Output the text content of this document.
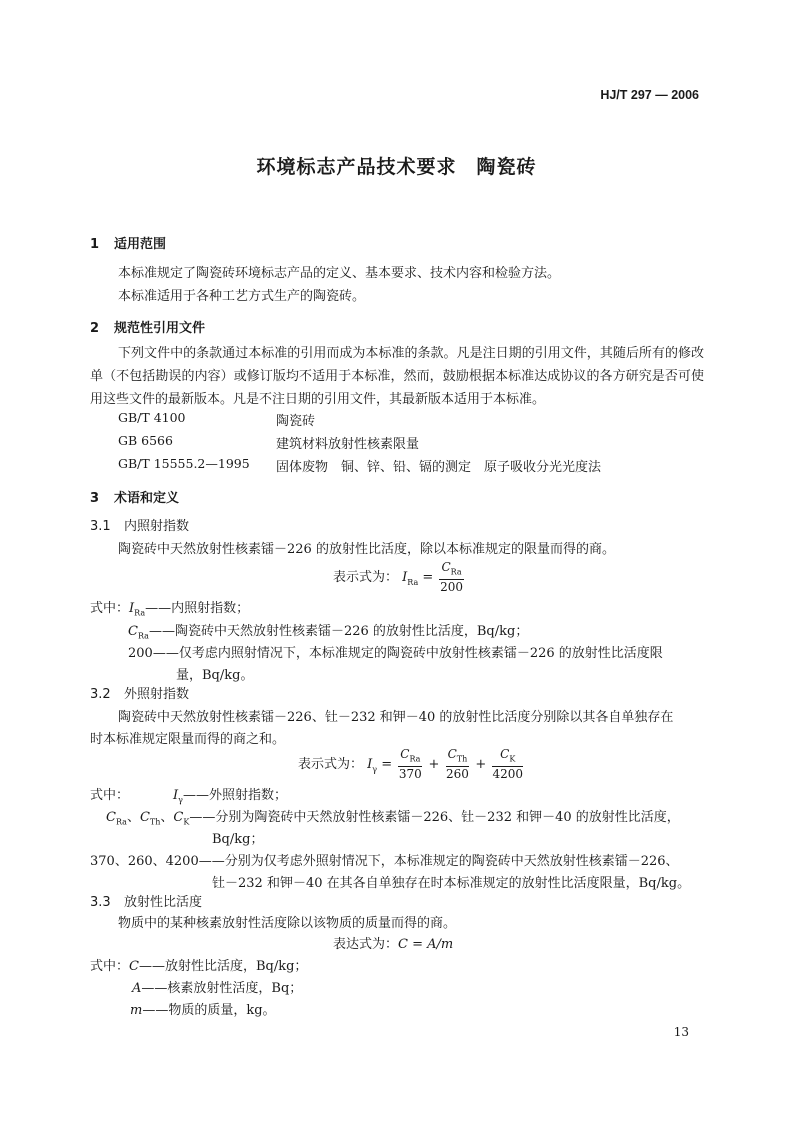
HJ/T 297 — 2006
环境标志产品技术要求　陶瓷砖
1 适用范围
本标准规定了陶瓷砖环境标志产品的定义、基本要求、技术内容和检验方法。
本标准适用于各种工艺方式生产的陶瓷砖。
2 规范性引用文件
下列文件中的条款通过本标准的引用而成为本标准的条款。凡是注日期的引用文件，其随后所有的修改单（不包括勘误的内容）或修订版均不适用于本标准，然而，鼓励根据本标准达成协议的各方研究是否可使用这些文件的最新版本。凡是不注日期的引用文件，其最新版本适用于本标准。
GB/T 4100	陶瓷砖
GB 6566	建筑材料放射性核素限量
GB/T 15555.2—1995 固体废物　铜、锌、铅、镉的测定　原子吸收分光光度法
3 术语和定义
3.1 内照射指数
陶瓷砖中天然放射性核素镭－226 的放射性比活度，除以本标准规定的限量而得的商。
表示式为： $I_{Ra} = \frac{C_{Ra}}{200}$
式中：$I_{Ra}——$内照射指数；
$C_{Ra}——$陶瓷砖中天然放射性核素镭－226 的放射性比活度，Bq/kg；
200——仅考虑内照射情况下，本标准规定的陶瓷砖中放射性核素镭－226 的放射性比活度限
量，Bq/kg。
3.2 外照射指数
陶瓷砖中天然放射性核素镭－226、钍－232 和钾－40 的放射性比活度分别除以其各自单独存在
时本标准规定限量而得的商之和。
表示式为： $I_\gamma = \frac{C_{Ra}}{370} + \frac{C_{Th}}{260} + \frac{C_K}{4200}$
式中：	$I_\gamma——$外照射指数；
$C_{Ra}$、$C_{Th}$、$C_K——$分别为陶瓷砖中天然放射性核素镭－226、钍－232 和钾－40 的放射性比活度，
Bq/kg；
370、260、4200——分别为仅考虑外照射情况下，本标准规定的陶瓷砖中天然放射性核素镭－226、
钍－232 和钾－40 在其各自单独存在时本标准规定的放射性比活度限量，Bq/kg。
3.3 放射性比活度
物质中的某种核素放射性活度除以该物质的质量而得的商。
表达式为：C = A/m
式中：C——放射性比活度，Bq/kg；
A——核素放射性活度，Bq；
m——物质的质量，kg。
13
